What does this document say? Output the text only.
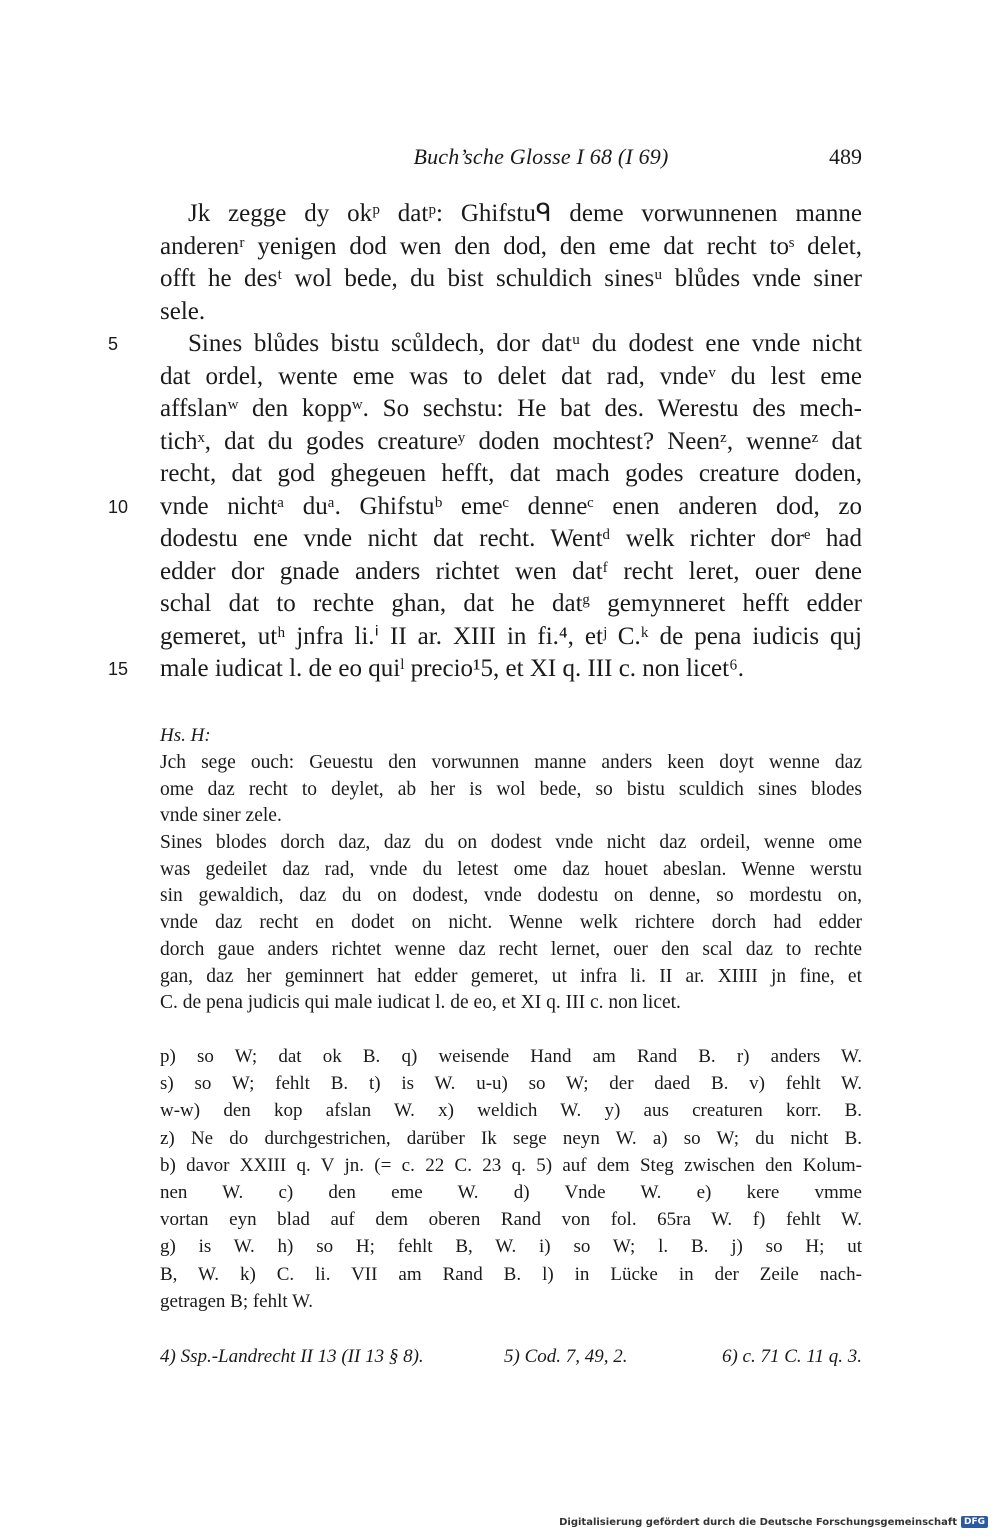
Buch’sche Glosse I 68 (I 69)	489
Jk zegge dy okᵖ datᵖ: Ghifstuᑫ deme vorwunnenen manne
anderenʳ yenigen dod wen den dod, den eme dat recht toˢ delet,
offt he desᵗ wol bede, du bist schuldich sinesᵘ blůdes vnde siner
sele.
5	Sines blůdes bistu scůldech, dor datᵘ du dodest ene vnde nicht
dat ordel, wente eme was to delet dat rad, vndeᵛ du lest eme
affslanʷ den koppʷ. So sechstu: He bat des. Werestu des mech-
tichˣ, dat du godes creatureʸ doden mochtest? Neenᶻ, wenneᶻ dat
recht, dat god ghegeuen hefft, dat mach godes creature doden,
10	vnde nichtᵃ duᵃ. Ghifstuᵇ emeᶜ denneᶜ enen anderen dod, zo
dodestu ene vnde nicht dat recht. Wentᵈ welk richter dorᵉ had
edder dor gnade anders richtet wen datᶠ recht leret, ouer dene
schal dat to rechte ghan, dat he datᵍ gemynneret hefft edder
gemeret, utʰ jnfra li.ⁱ II ar. XIII in fi.⁴, etʲ C.ᵏ de pena iudicis quj
15	male iudicat l. de eo quiˡ precio¹5, et XI q. III c. non licet⁶.
Hs. H:
Jch sege ouch: Geuestu den vorwunnen manne anders keen doyt wenne daz
ome daz recht to deylet, ab her is wol bede, so bistu sculdich sines blodes
vnde siner zele.
Sines blodes dorch daz, daz du on dodest vnde nicht daz ordeil, wenne ome
was gedeilet daz rad, vnde du letest ome daz houet abeslan. Wenne werstu
sin gewaldich, daz du on dodest, vnde dodestu on denne, so mordestu on,
vnde daz recht en dodet on nicht. Wenne welk richtere dorch had edder
dorch gaue anders richtet wenne daz recht lernet, ouer den scal daz to rechte
gan, daz her geminnert hat edder gemeret, ut infra li. II ar. XIIII jn fine, et
C. de pena judicis qui male iudicat l. de eo, et XI q. III c. non licet.
p) so W; dat ok B. q) weisende Hand am Rand B. r) anders W.
s) so W; fehlt B. t) is W. u-u) so W; der daed B. v) fehlt W.
w-w) den kop afslan W. x) weldich W. y) aus creaturen korr. B.
z) Ne do durchgestrichen, darüber Ik sege neyn W. a) so W; du nicht B.
b) davor XXIII q. V jn. (= c. 22 C. 23 q. 5) auf dem Steg zwischen den Kolum-
nen W. c) den eme W. d) Vnde W. e) kere vmme
vortan eyn blad auf dem oberen Rand von fol. 65ra W. f) fehlt W.
g) is W. h) so H; fehlt B, W. i) so W; l. B. j) so H; ut
B, W. k) C. li. VII am Rand B. l) in Lücke in der Zeile nach-
getragen B; fehlt W.
4) Ssp.-Landrecht II 13 (II 13 § 8).	5) Cod. 7, 49, 2.	6) c. 71 C. 11 q. 3.
Digitalisierung gefördert durch die Deutsche Forschungsgemeinschaft DFG
